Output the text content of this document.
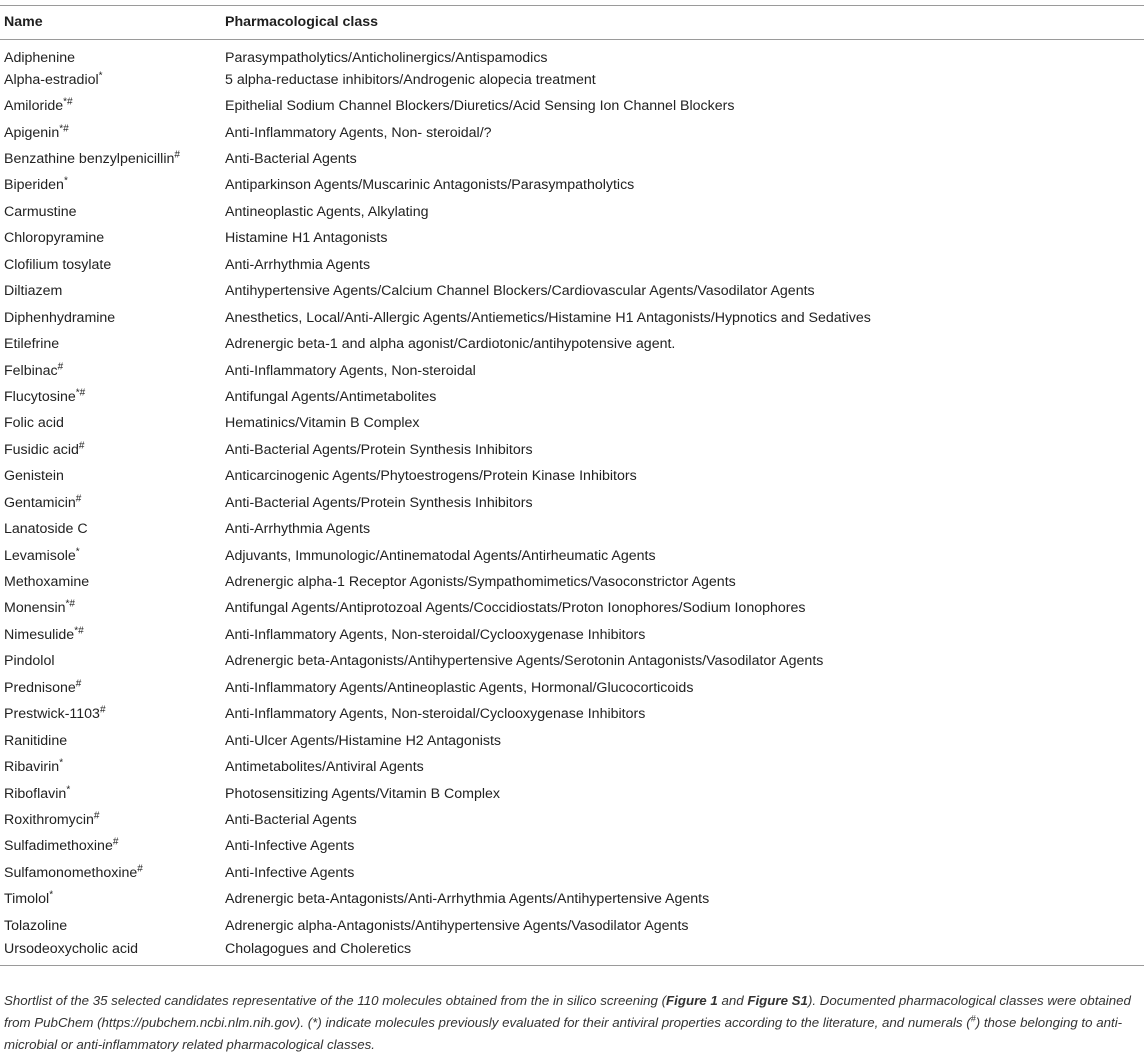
Name	Pharmacological class
Adiphenine	Parasympatholytics/Anticholinergics/Antispamodics
Alpha-estradiol*	5 alpha-reductase inhibitors/Androgenic alopecia treatment
Amiloride*#	Epithelial Sodium Channel Blockers/Diuretics/Acid Sensing Ion Channel Blockers
Apigenin*#	Anti-Inflammatory Agents, Non- steroidal/?
Benzathine benzylpenicillin#	Anti-Bacterial Agents
Biperiden*	Antiparkinson Agents/Muscarinic Antagonists/Parasympatholytics
Carmustine	Antineoplastic Agents, Alkylating
Chloropyramine	Histamine H1 Antagonists
Clofilium tosylate	Anti-Arrhythmia Agents
Diltiazem	Antihypertensive Agents/Calcium Channel Blockers/Cardiovascular Agents/Vasodilator Agents
Diphenhydramine	Anesthetics, Local/Anti-Allergic Agents/Antiemetics/Histamine H1 Antagonists/Hypnotics and Sedatives
Etilefrine	Adrenergic beta-1 and alpha agonist/Cardiotonic/antihypotensive agent.
Felbinac#	Anti-Inflammatory Agents, Non-steroidal
Flucytosine*#	Antifungal Agents/Antimetabolites
Folic acid	Hematinics/Vitamin B Complex
Fusidic acid#	Anti-Bacterial Agents/Protein Synthesis Inhibitors
Genistein	Anticarcinogenic Agents/Phytoestrogens/Protein Kinase Inhibitors
Gentamicin#	Anti-Bacterial Agents/Protein Synthesis Inhibitors
Lanatoside C	Anti-Arrhythmia Agents
Levamisole*	Adjuvants, Immunologic/Antinematodal Agents/Antirheumatic Agents
Methoxamine	Adrenergic alpha-1 Receptor Agonists/Sympathomimetics/Vasoconstrictor Agents
Monensin*#	Antifungal Agents/Antiprotozoal Agents/Coccidiostats/Proton Ionophores/Sodium Ionophores
Nimesulide*#	Anti-Inflammatory Agents, Non-steroidal/Cyclooxygenase Inhibitors
Pindolol	Adrenergic beta-Antagonists/Antihypertensive Agents/Serotonin Antagonists/Vasodilator Agents
Prednisone#	Anti-Inflammatory Agents/Antineoplastic Agents, Hormonal/Glucocorticoids
Prestwick-1103#	Anti-Inflammatory Agents, Non-steroidal/Cyclooxygenase Inhibitors
Ranitidine	Anti-Ulcer Agents/Histamine H2 Antagonists
Ribavirin*	Antimetabolites/Antiviral Agents
Riboflavin*	Photosensitizing Agents/Vitamin B Complex
Roxithromycin#	Anti-Bacterial Agents
Sulfadimethoxine#	Anti-Infective Agents
Sulfamonomethoxine#	Anti-Infective Agents
Timolol*	Adrenergic beta-Antagonists/Anti-Arrhythmia Agents/Antihypertensive Agents
Tolazoline	Adrenergic alpha-Antagonists/Antihypertensive Agents/Vasodilator Agents
Ursodeoxycholic acid	Cholagogues and Choleretics
Shortlist of the 35 selected candidates representative of the 110 molecules obtained from the in silico screening (Figure 1 and Figure S1). Documented pharmacological classes were obtained from PubChem (https://pubchem.ncbi.nlm.nih.gov). (*) indicate molecules previously evaluated for their antiviral properties according to the literature, and numerals (#) those belonging to anti-microbial or anti-inflammatory related pharmacological classes.
